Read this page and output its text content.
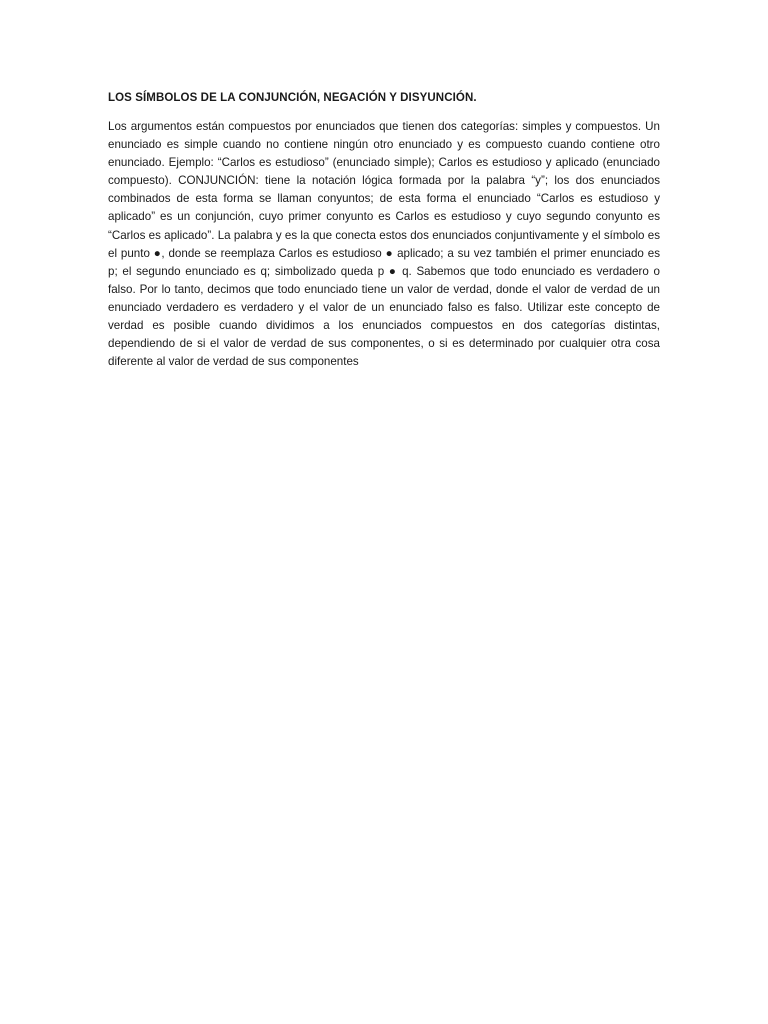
LOS SÍMBOLOS DE LA CONJUNCIÓN, NEGACIÓN Y DISYUNCIÓN.

Los argumentos están compuestos por enunciados que tienen dos categorías: simples y compuestos. Un enunciado es simple cuando no contiene ningún otro enunciado y es compuesto cuando contiene otro enunciado. Ejemplo: “Carlos es estudioso” (enunciado simple); Carlos es estudioso y aplicado (enunciado compuesto). CONJUNCIÓN: tiene la notación lógica formada por la palabra “y”; los dos enunciados combinados de esta forma se llaman conyuntos; de esta forma el enunciado “Carlos es estudioso y aplicado” es un conjunción, cuyo primer conyunto es Carlos es estudioso y cuyo segundo conyunto es “Carlos es aplicado”. La palabra y es la que conecta estos dos enunciados conjuntivamente y el símbolo es el punto ●, donde se reemplaza Carlos es estudioso ● aplicado; a su vez también el primer enunciado es p; el segundo enunciado es q; simbolizado queda p ● q. Sabemos que todo enunciado es verdadero o falso. Por lo tanto, decimos que todo enunciado tiene un valor de verdad, donde el valor de verdad de un enunciado verdadero es verdadero y el valor de un enunciado falso es falso. Utilizar este concepto de verdad es posible cuando dividimos a los enunciados compuestos en dos categorías distintas, dependiendo de si el valor de verdad de sus componentes, o si es determinado por cualquier otra cosa diferente al valor de verdad de sus componentes
